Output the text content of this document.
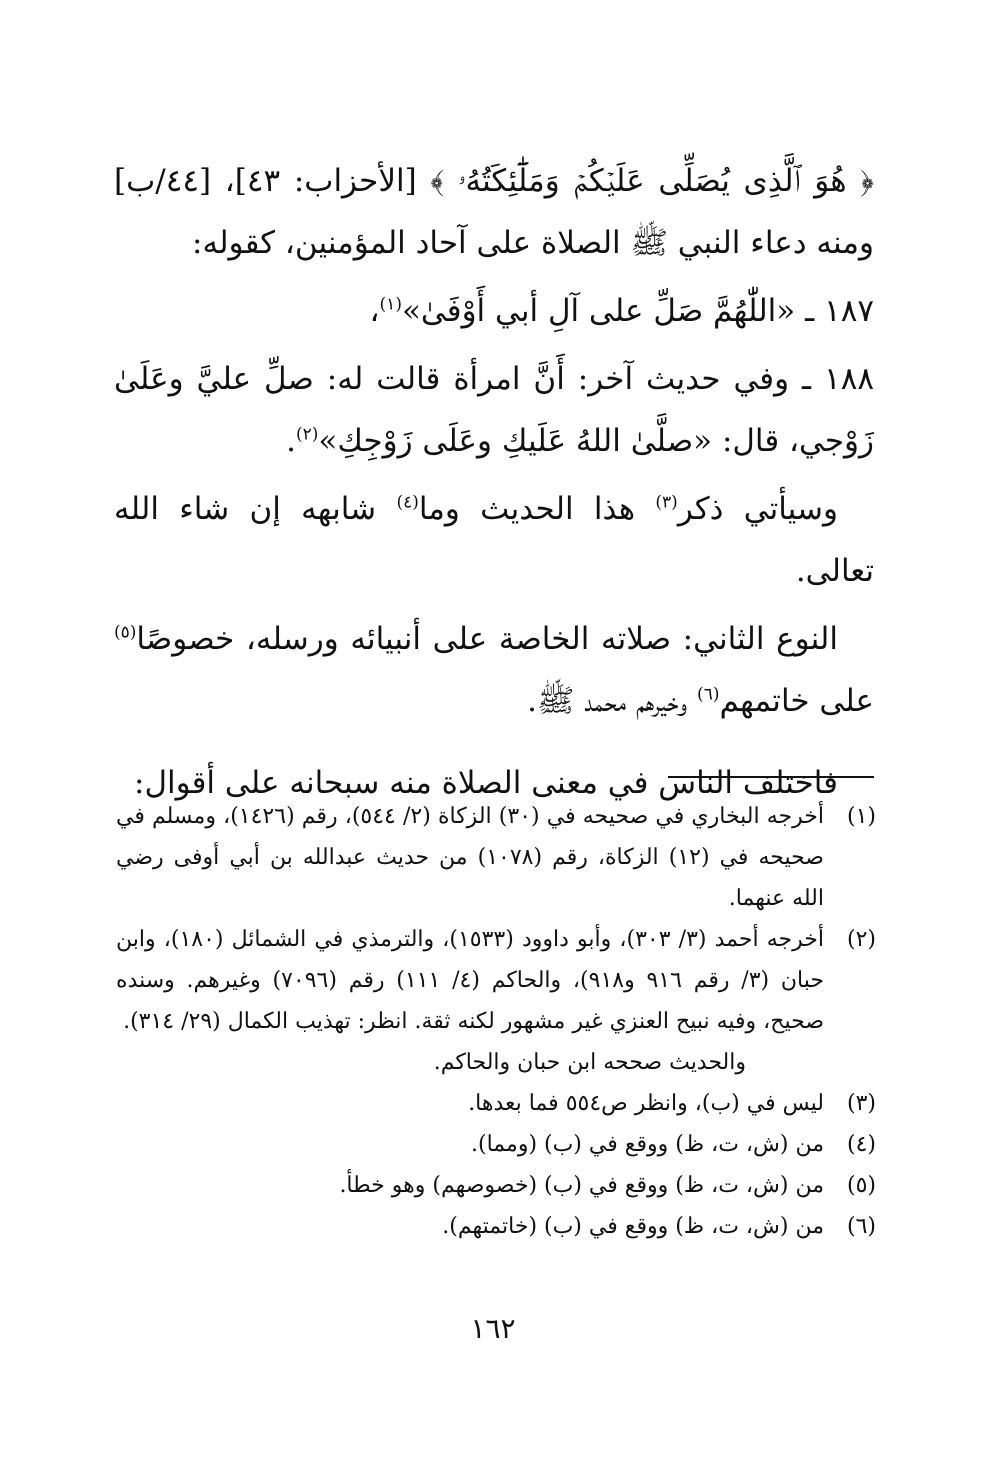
﴿ هُوَ ٱلَّذِى يُصَلِّى عَلَيۡكُمۡ وَمَلَٰٓئِكَتُهُۥ ﴾ [الأحزاب: ٤٣]، [٤٤/ب] ومنه دعاء النبي ﷺ الصلاة على آحاد المؤمنين، كقوله:

١٨٧ ـ «اللّٰهُمَّ صَلِّ على آلِ أبي أَوْفَىٰ»$^{(١)}$،

١٨٨ ـ وفي حديث آخر: أَنَّ امرأة قالت له: صلِّ عليَّ وعَلَىٰ زَوْجي، قال: «صلَّىٰ اللهُ عَلَيكِ وعَلَى زَوْجِكِ»$^{(٢)}$.

وسيأتي ذكر$^{(٣)}$ هذا الحديث وما$^{(٤)}$ شابهه إن شاء الله تعالى.

النوع الثاني: صلاته الخاصة على أنبيائه ورسله، خصوصًا$^{(٥)}$ على خاتمهم$^{(٦)}$ وخيرهم محمد ﷺ.

فاختلف الناس في معنى الصلاة منه سبحانه على أقوال:

(١)
أخرجه البخاري في صحيحه في (٣٠) الزكاة (٢/ ٥٤٤)، رقم (١٤٢٦)، ومسلم في صحيحه في (١٢) الزكاة، رقم (١٠٧٨) من حديث عبدالله بن أبي أوفى رضي الله عنهما.
(٢)
أخرجه أحمد (٣/ ٣٠٣)، وأبو داوود (١٥٣٣)، والترمذي في الشمائل (١٨٠)، وابن حبان (٣/ رقم ٩١٦ و٩١٨)، والحاكم (٤/ ١١١) رقم (٧٠٩٦) وغيرهم. وسنده صحيح، وفيه نبيح العنزي غير مشهور لكنه ثقة. انظر: تهذيب الكمال (٢٩/ ٣١٤).
والحديث صححه ابن حبان والحاكم.
(٣)
ليس في (ب)، وانظر ص٥٥٤ فما بعدها.
(٤)
من (ش، ت، ظ) ووقع في (ب) (ومما).
(٥)
من (ش، ت، ظ) ووقع في (ب) (خصوصهم) وهو خطأ.
(٦)
من (ش، ت، ظ) ووقع في (ب) (خاتمتهم).
١٦٢
